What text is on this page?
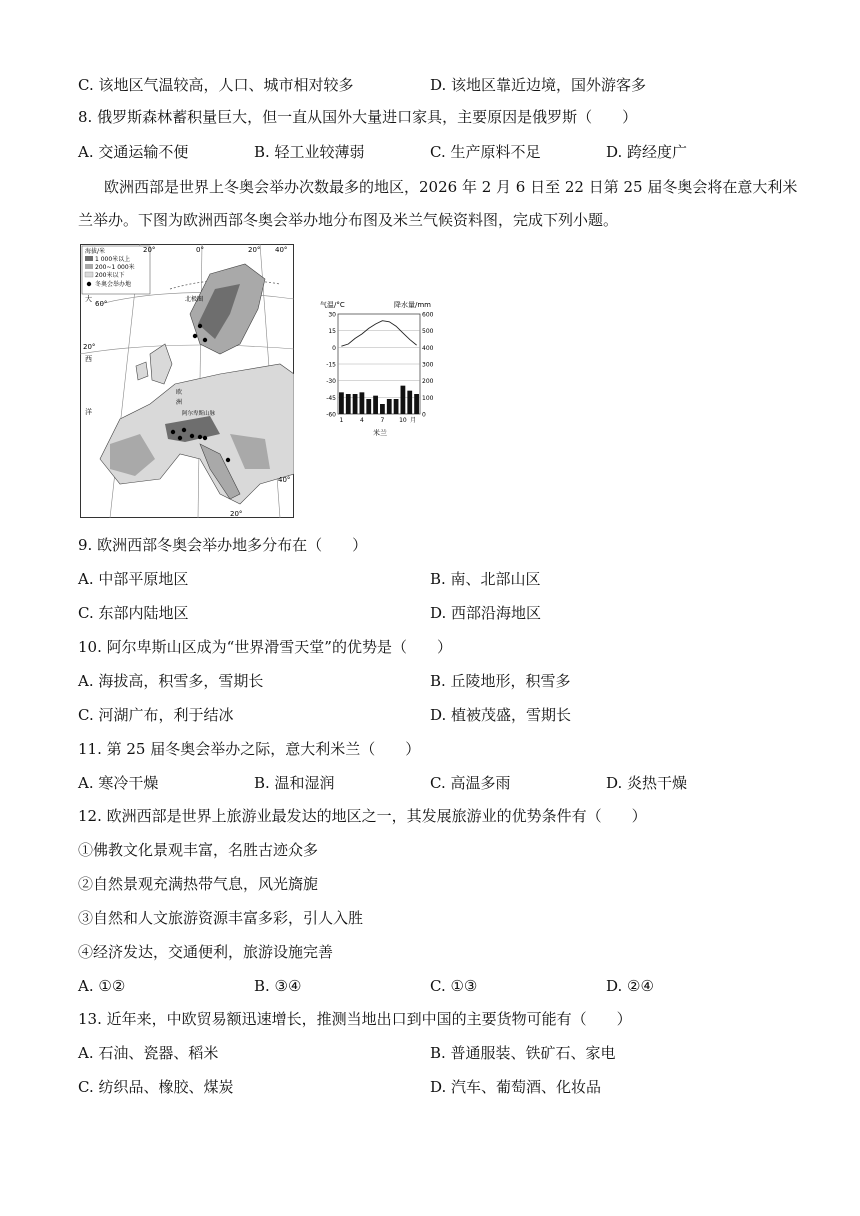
C. 该地区气温较高，人口、城市相对较多	D. 该地区靠近边境，国外游客多
8. 俄罗斯森林蓄积量巨大，但一直从国外大量进口家具，主要原因是俄罗斯（　　）
A. 交通运输不便	B. 轻工业较薄弱	C. 生产原料不足	D. 跨经度广
欧洲西部是世界上冬奥会举办次数最多的地区，2026 年 2 月 6 日至 22 日第 25 届冬奥会将在意大利米
兰举办。下图为欧洲西部冬奥会举办地分布图及米兰气候资料图，完成下列小题。
海拔/米
1 000米以上
200~1 000米
200米以下
冬奥会举办地
20°	0°	20° 40°
20°
60°
20°
40°
大
西
洋
北极圈
欧
洲
阿尔卑斯山脉
气温/°C	降水量/mm
30
15
0
-15
-30
-45
-60
600
500
400
300
200
100
0
1	4	7 10 月
米兰
9. 欧洲西部冬奥会举办地多分布在（　　）
A. 中部平原地区	B. 南、北部山区
C. 东部内陆地区	D. 西部沿海地区
10. 阿尔卑斯山区成为“世界滑雪天堂”的优势是（　　）
A. 海拔高，积雪多，雪期长	B. 丘陵地形，积雪多
C. 河湖广布，利于结冰	D. 植被茂盛，雪期长
11. 第 25 届冬奥会举办之际，意大利米兰（　　）
A. 寒冷干燥	B. 温和湿润	C. 高温多雨	D. 炎热干燥
12. 欧洲西部是世界上旅游业最发达的地区之一，其发展旅游业的优势条件有（　　）
①佛教文化景观丰富，名胜古迹众多
②自然景观充满热带气息，风光旖旎
③自然和人文旅游资源丰富多彩，引人入胜
④经济发达，交通便利，旅游设施完善
A. ①②	B. ③④	C. ①③	D. ②④
13. 近年来，中欧贸易额迅速增长，推测当地出口到中国的主要货物可能有（　　）
A. 石油、瓷器、稻米	B. 普通服装、铁矿石、家电
C. 纺织品、橡胶、煤炭	D. 汽车、葡萄酒、化妆品
